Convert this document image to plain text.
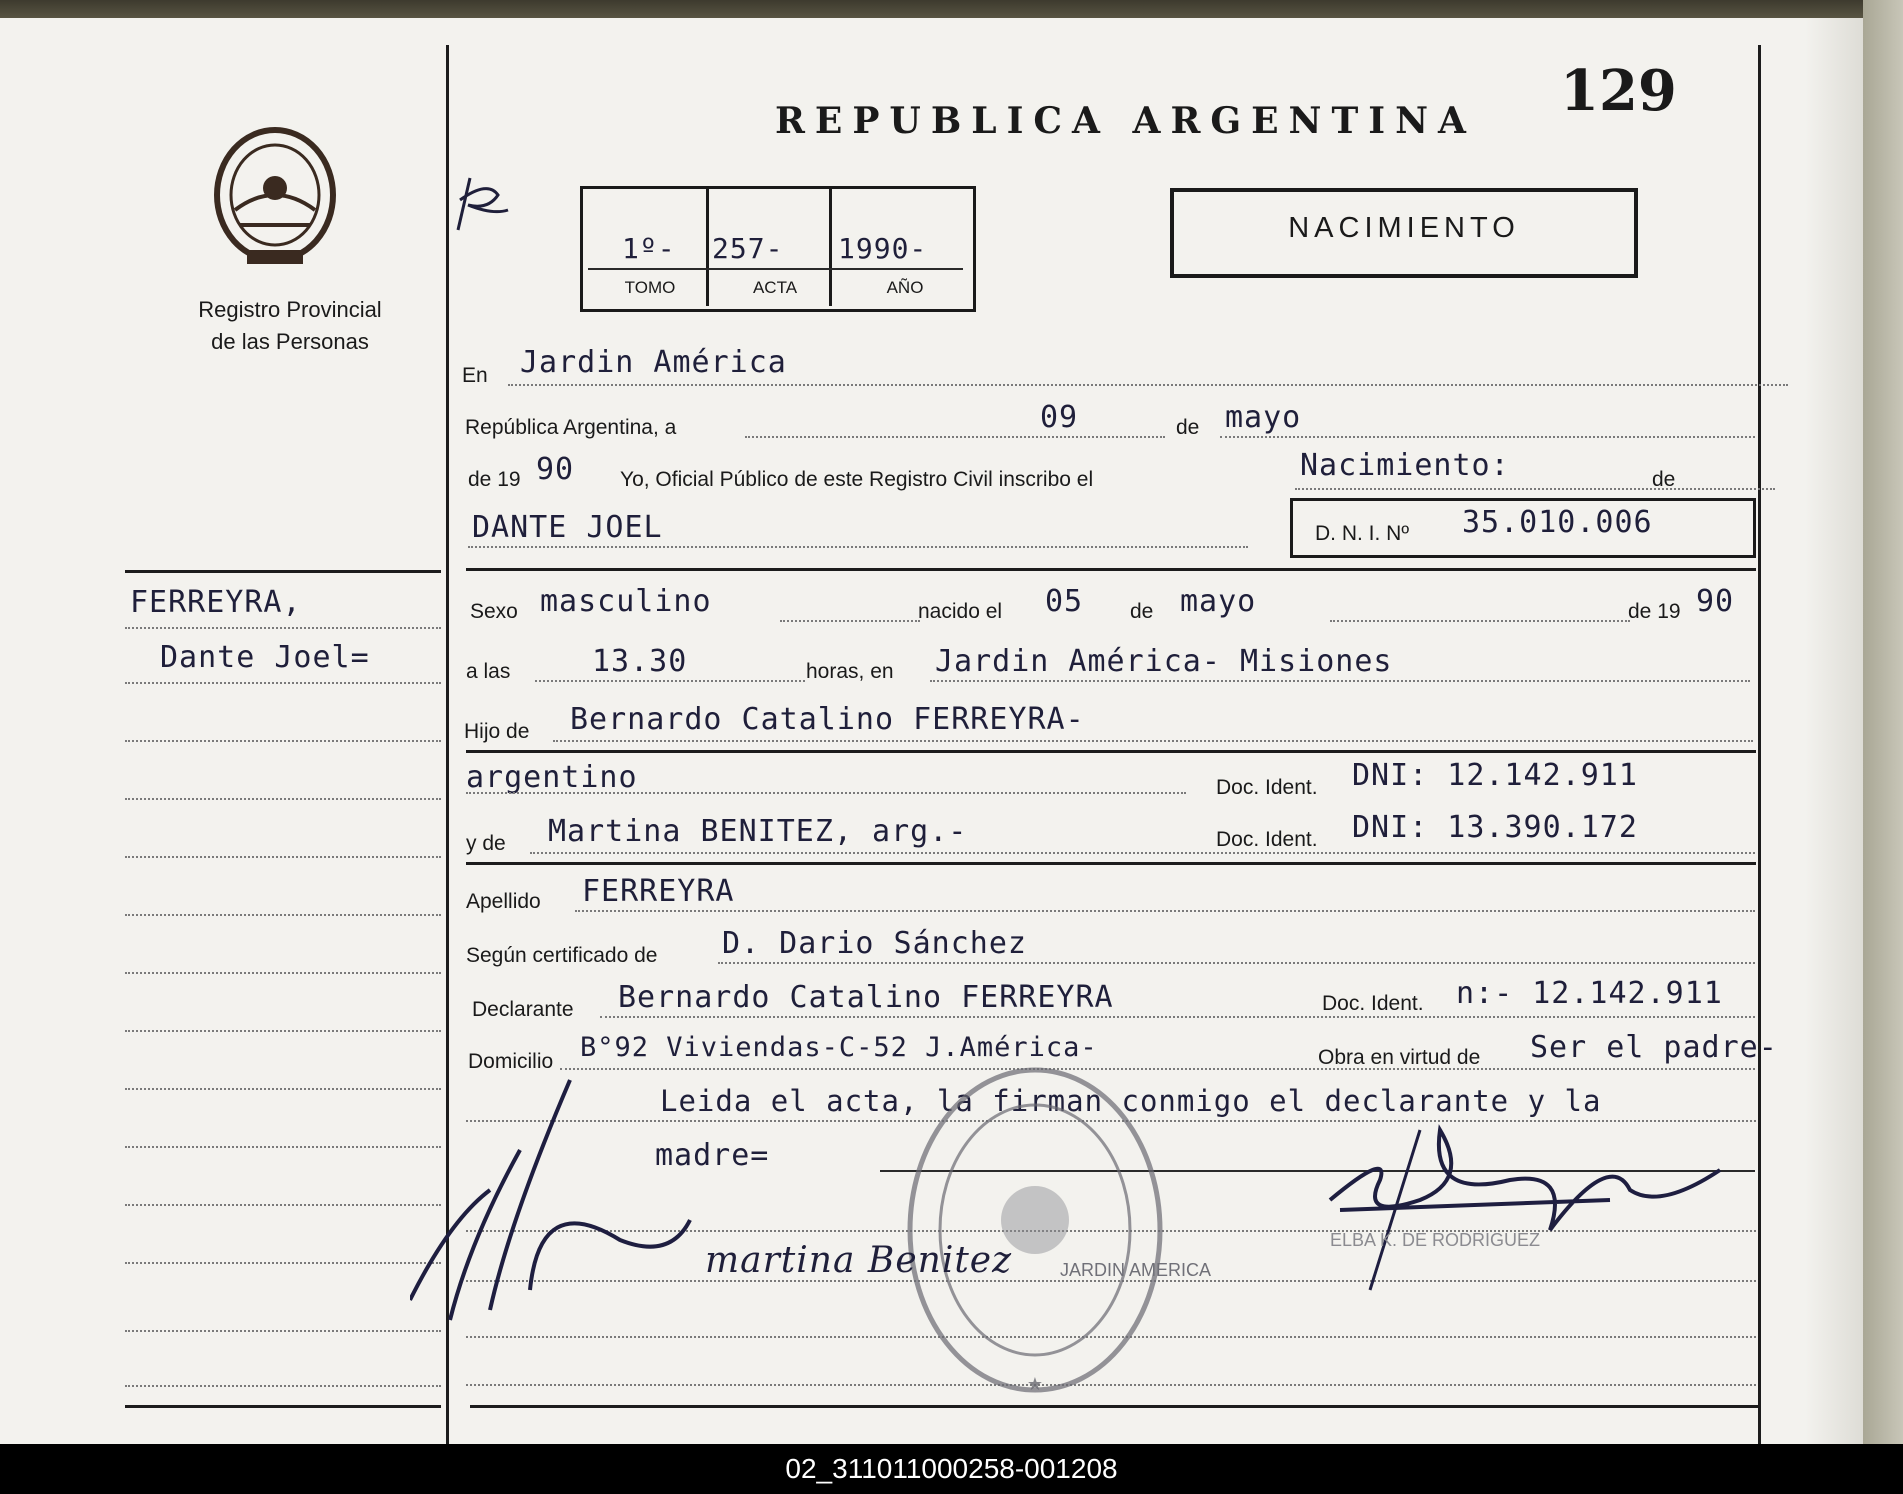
Registro Provincial
de las Personas
FERREYRA,
Dante Joel=
129
REPUBLICA ARGENTINA
1º- 257- 1990-
TOMO	ACTA	AÑO
NACIMIENTO
En Jardin América
República Argentina, a	09	de mayo
de 19 90 Yo, Oficial Público de este Registro Civil inscribo el	Nacimiento:	de
DANTE JOEL	D. N. I. Nº 35.010.006
Sexo masculino	nacido el 05 de mayo	de 19 90
a las	13.30	horas, en Jardin América- Misiones
Hijo de Bernardo Catalino FERREYRA-
argentino	Doc. Ident. DNI: 12.142.911
y de Martina BENITEZ, arg.-	Doc. Ident. DNI: 13.390.172
Apellido FERREYRA
Según certificado de D. Dario Sánchez
Declarante Bernardo Catalino FERREYRA	Doc. Ident. n:- 12.142.911
Domicilio B°92 Viviendas-C-52 J.América-	Obra en virtud de Ser el padre-
Leida el acta, la firman conmigo el declarante y la
madre=
★
JARDIN AMERICA
martina Benitez	ELBA K. DE RODRIGUEZ
02_311011000258-001208
